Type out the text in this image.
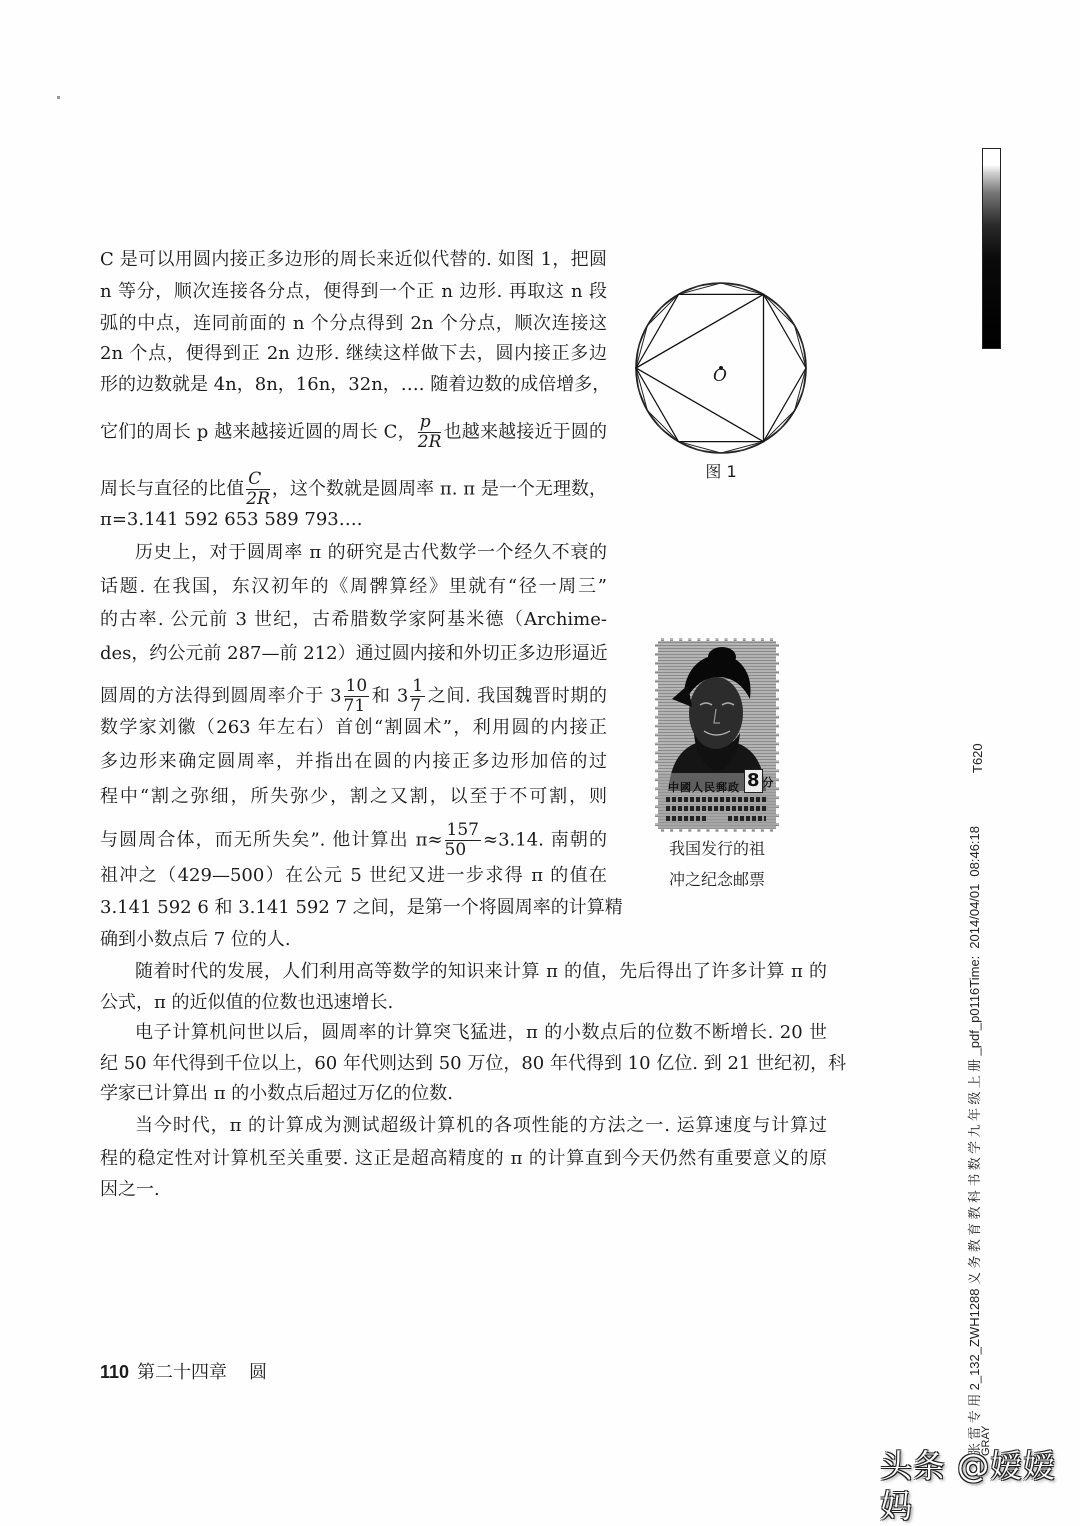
C 是可以用圆内接正多边形的周长来近似代替的. 如图 1，把圆
n 等分，顺次连接各分点，便得到一个正 n 边形. 再取这 n 段
弧的中点，连同前面的 n 个分点得到 2n 个分点，顺次连接这
2n 个点，便得到正 2n 边形. 继续这样做下去，圆内接正多边
形的边数就是 4n，8n，16n，32n，…. 随着边数的成倍增多，
它们的周长 p 越来越接近圆的周长 C， $\frac{p}{2R}$ 也越来越接近于圆的
周长与直径的比值 $\frac{C}{2R}$ ，这个数就是圆周率 π. π 是一个无理数，
π=3.141 592 653 589 793….
历史上，对于圆周率 π 的研究是古代数学一个经久不衰的
话题. 在我国，东汉初年的《周髀算经》里就有“径一周三”
的古率. 公元前 3 世纪，古希腊数学家阿基米德（Archime-
des，约公元前 287—前 212）通过圆内接和外切正多边形逼近
圆周的方法得到圆周率介于 $3 \frac{10}{71}$ 和 $3 \frac{1}{7}$ 之间. 我国魏晋时期的
数学家刘徽（263 年左右）首创“割圆术”，利用圆的内接正
多边形来确定圆周率，并指出在圆的内接正多边形加倍的过
程中“割之弥细，所失弥少，割之又割，以至于不可割，则
与圆周合体，而无所失矣”. 他计算出 $\pi\approx \frac{157}{50} \approx 3.14$. 南朝的
祖冲之（429—500）在公元 5 世纪又进一步求得 π 的值在
3.141 592 6 和 3.141 592 7 之间，是第一个将圆周率的计算精
确到小数点后 7 位的人.
随着时代的发展，人们利用高等数学的知识来计算 π 的值，先后得出了许多计算 π 的
公式，π 的近似值的位数也迅速增长.
电子计算机问世以后，圆周率的计算突飞猛进，π 的小数点后的位数不断增长. 20 世
纪 50 年代得到千位以上，60 年代则达到 50 万位，80 年代得到 10 亿位. 到 21 世纪初，科
学家已计算出 π 的小数点后超过万亿的位数.
当今时代，π 的计算成为测试超级计算机的各项性能的方法之一. 运算速度与计算过
程的稳定性对计算机至关重要. 这正是超高精度的 π 的计算直到今天仍然有重要意义的原
因之一.
O
图 1
中國人民郵政 8 分
我国发行的祖
冲之纪念邮票
110 第二十四章 圆
T620
张雷专用2_132_ZWH1288义务教育教科书数学九年级上册_pdf_p0116Time: 2014/04/01 08:46:18
GRAY
头条 @嫒嫒妈
